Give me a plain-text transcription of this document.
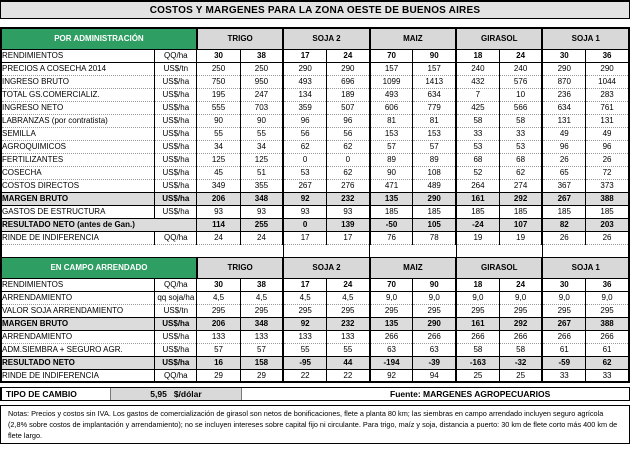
COSTOS Y MARGENES PARA LA ZONA OESTE DE BUENOS AIRES
POR ADMINISTRACIÓN		TRIGO		SOJA 2		MAIZ		GIRASOL		SOJA 1	
RENDIMIENTOS	QQ/ha	30	38	17	24	70	90	18	24	30	36
PRECIOS A COSECHA 2014	US$/tn	250	250	290	290	157	157	240	240	290	290
INGRESO BRUTO	US$/ha	750	950	493	696	1099	1413	432	576	870	1044
TOTAL GS.COMERCIALIZ.	US$/ha	195	247	134	189	493	634	7	10	236	283
INGRESO NETO	US$/ha	555	703	359	507	606	779	425	566	634	761
LABRANZAS (por contratista)	US$/ha	90	90	96	96	81	81	58	58	131	131
SEMILLA	US$/ha	55	55	56	56	153	153	33	33	49	49
AGROQUIMICOS	US$/ha	34	34	62	62	57	57	53	53	96	96
FERTILIZANTES	US$/ha	125	125	0	0	89	89	68	68	26	26
COSECHA	US$/ha	45	51	53	62	90	108	52	62	65	72
COSTOS DIRECTOS	US$/ha	349	355	267	276	471	489	264	274	367	373
MARGEN BRUTO	US$/ha	206	348	92	232	135	290	161	292	267	388
GASTOS DE ESTRUCTURA	US$/ha	93	93	93	93	185	185	185	185	185	185
RESULTADO NETO (antes de Gan.)		114	255	0	139	-50	105	-24	107	82	203
RINDE DE INDIFERENCIA	QQ/ha	24	24	17	17	76	78	19	19	26	26

EN CAMPO ARRENDADO		TRIGO		SOJA 2		MAIZ		GIRASOL		SOJA 1	
RENDIMIENTOS	QQ/ha	30	38	17	24	70	90	18	24	30	36
ARRENDAMIENTO	qq soja/ha	4,5	4,5	4,5	4,5	9,0	9,0	9,0	9,0	9,0	9,0
VALOR SOJA ARRENDAMIENTO	US$/tn	295	295	295	295	295	295	295	295	295	295
MARGEN BRUTO	US$/ha	206	348	92	232	135	290	161	292	267	388
ARRENDAMIENTO	US$/ha	133	133	133	133	266	266	266	266	266	266
ADM.SIEMBRA + SEGURO AGR.	US$/ha	57	57	55	55	63	63	58	58	61	61
RESULTADO NETO	US$/ha	16	158	-95	44	-194	-39	-163	-32	-59	62
RINDE DE INDIFERENCIA	QQ/ha	29	29	22	22	92	94	25	25	33	33
TIPO DE CAMBIO	5,95 $/dólar	Fuente: MARGENES AGROPECUARIOS
Notas: Precios y costos sin IVA. Los gastos de comercialización de girasol son netos de bonificaciones, flete a planta 80 km; las siembras en campo arrendado incluyen seguro agrícola (2,8% sobre costos de implantación y arrendamiento); no se incluyen intereses sobre capital fijo ni circulante. Para trigo, maíz y soja, distancia a puerto: 30 km de flete corto más 400 km de flete largo.
